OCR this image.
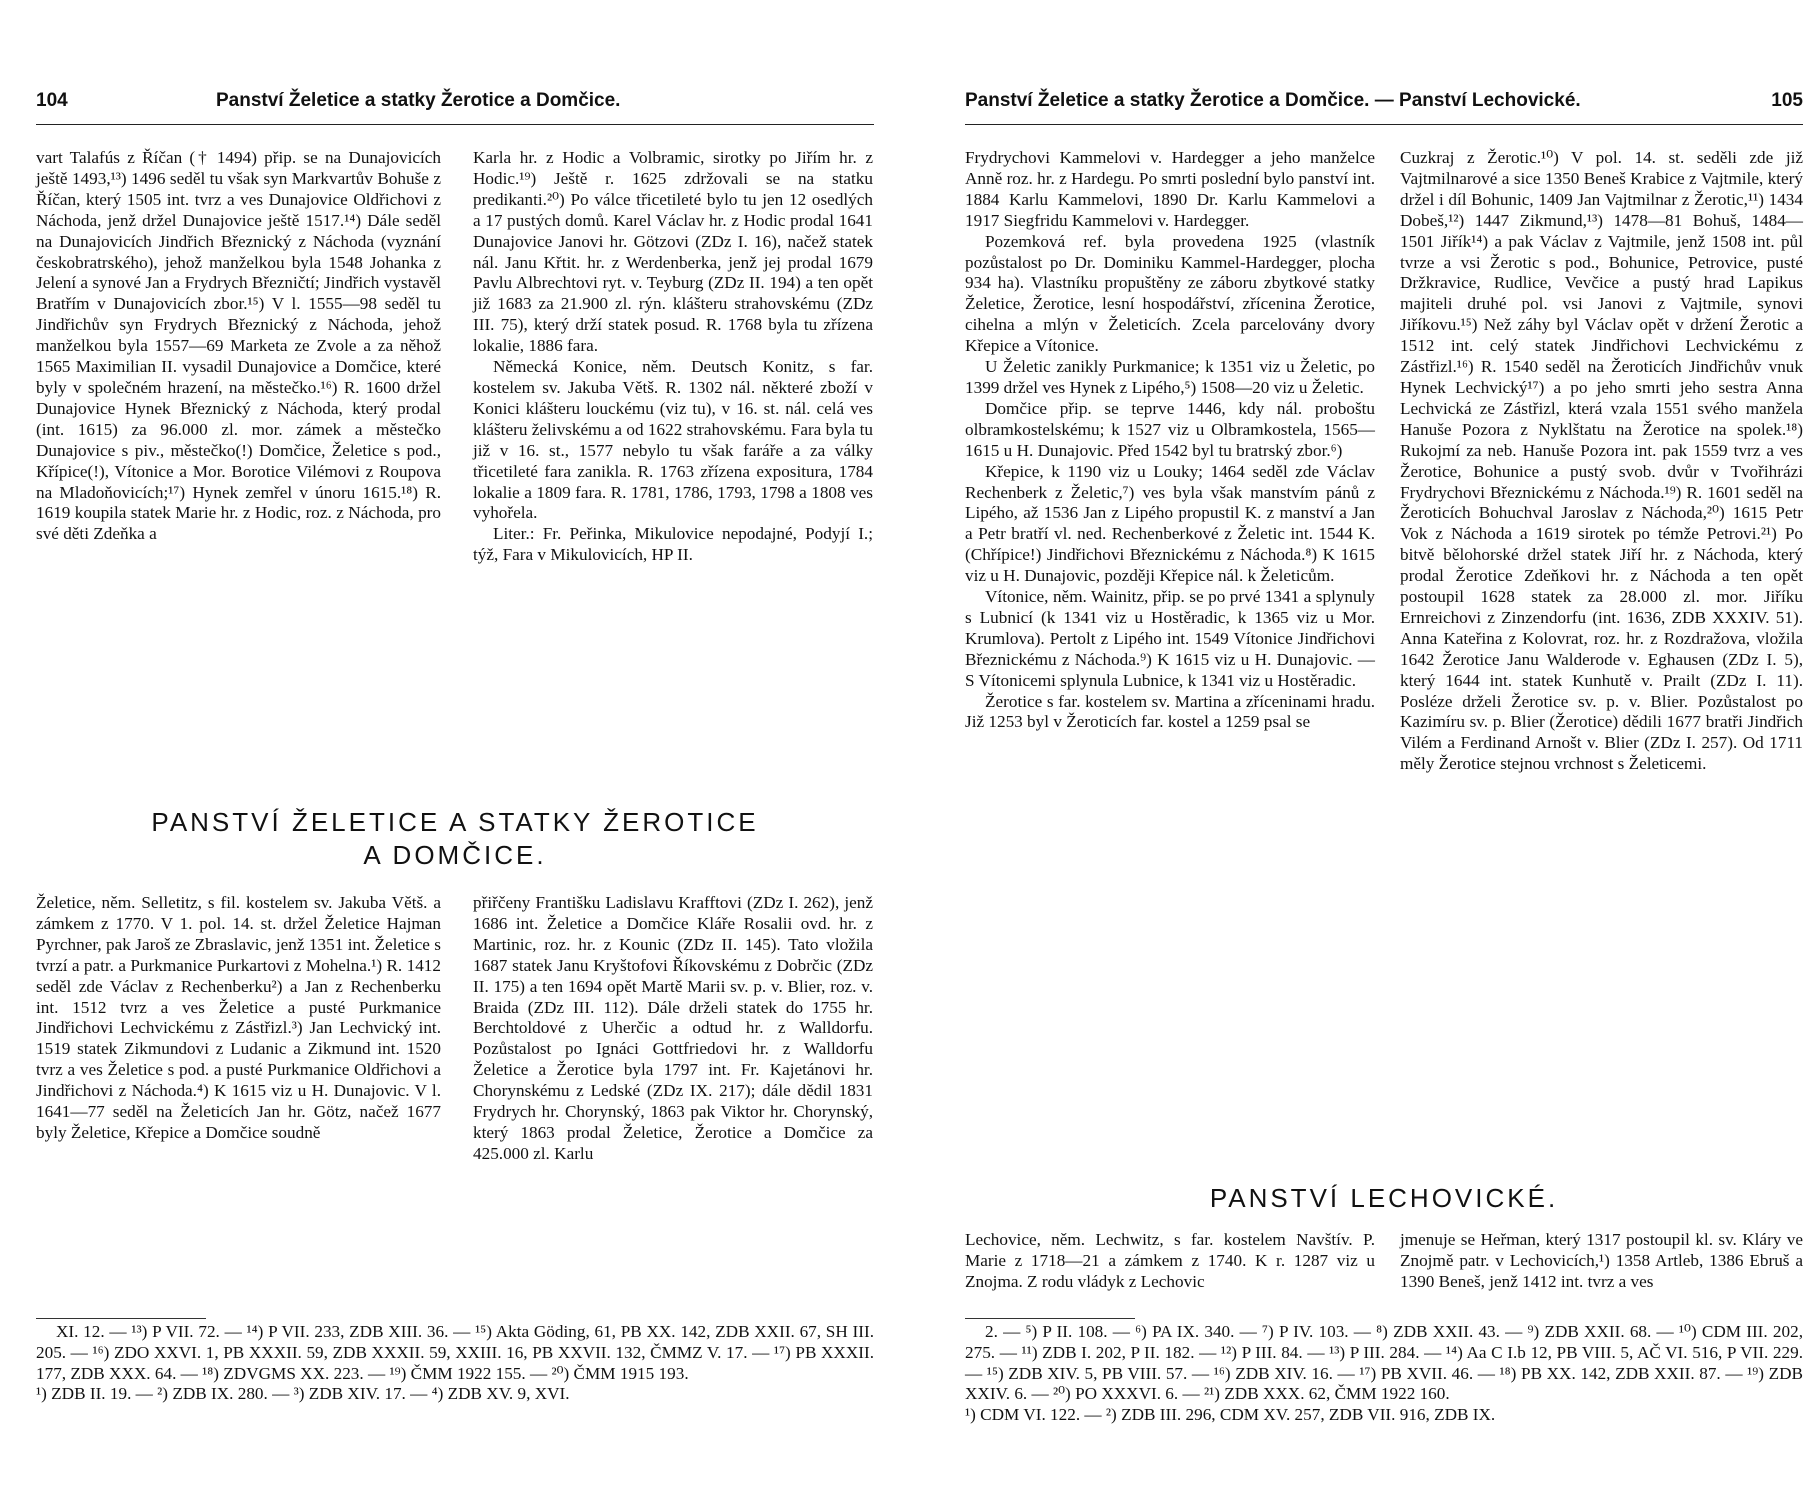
104	Panství Želetice a statky Žerotice a Domčice.

vart Talafús z Říčan († 1494) přip. se na Dunajovicích ještě 1493,¹³) 1496 seděl tu však syn Markvartův Bohuše z Říčan, který 1505 int. tvrz a ves Dunajovice Oldřichovi z Náchoda, jenž držel Dunajovice ještě 1517.¹⁴) Dále seděl na Dunajovicích Jindřich Březnický z Náchoda (vyznání českobratrského), jehož manželkou byla 1548 Johanka z Jelení a synové Jan a Frydrych Březničtí; Jindřich vystavěl Bratřím v Dunajovicích zbor.¹⁵) V l. 1555—98 seděl tu Jindřichův syn Frydrych Březnický z Náchoda, jehož manželkou byla 1557—69 Marketa ze Zvole a za něhož 1565 Maximilian II. vysadil Dunajovice a Domčice, které byly v společném hrazení, na městečko.¹⁶) R. 1600 držel Dunajovice Hynek Březnický z Náchoda, který prodal (int. 1615) za 96.000 zl. mor. zámek a městečko Dunajovice s piv., městečko(!) Domčice, Želetice s pod., Křípice(!), Vítonice a Mor. Borotice Vilémovi z Roupova na Mladoňovicích;¹⁷) Hynek zemřel v únoru 1615.¹⁸) R. 1619 koupila statek Marie hr. z Hodic, roz. z Náchoda, pro své děti Zdeňka a

Karla hr. z Hodic a Volbramic, sirotky po Jiřím hr. z Hodic.¹⁹) Ještě r. 1625 zdržovali se na statku predikanti.²⁰) Po válce třicetileté bylo tu jen 12 osedlých a 17 pustých domů. Karel Václav hr. z Hodic prodal 1641 Dunajovice Janovi hr. Götzovi (ZDz I. 16), načež statek nál. Janu Křtit. hr. z Werdenberka, jenž jej prodal 1679 Pavlu Albrechtovi ryt. v. Teyburg (ZDz II. 194) a ten opět již 1683 za 21.900 zl. rýn. klášteru strahovskému (ZDz III. 75), který drží statek posud. R. 1768 byla tu zřízena lokalie, 1886 fara.

Německá Konice, něm. Deutsch Konitz, s far. kostelem sv. Jakuba Větš. R. 1302 nál. některé zboží v Konici klášteru louckému (viz tu), v 16. st. nál. celá ves klášteru želivskému a od 1622 strahovskému. Fara byla tu již v 16. st., 1577 nebylo tu však faráře a za války třicetileté fara zanikla. R. 1763 zřízena expositura, 1784 lokalie a 1809 fara. R. 1781, 1786, 1793, 1798 a 1808 ves vyhořela.

Liter.: Fr. Peřinka, Mikulovice nepodajné, Podyjí I.; týž, Fara v Mikulovicích, HP II.

PANSTVÍ ŽELETICE A STATKY ŽEROTICE
A DOMČICE.

Želetice, něm. Selletitz, s fil. kostelem sv. Jakuba Větš. a zámkem z 1770. V 1. pol. 14. st. držel Želetice Hajman Pyrchner, pak Jaroš ze Zbraslavic, jenž 1351 int. Želetice s tvrzí a patr. a Purkmanice Purkartovi z Mohelna.¹) R. 1412 seděl zde Václav z Rechenberku²) a Jan z Rechenberku int. 1512 tvrz a ves Želetice a pusté Purkmanice Jindřichovi Lechvickému z Zástřizl.³) Jan Lechvický int. 1519 statek Zikmundovi z Ludanic a Zikmund int. 1520 tvrz a ves Želetice s pod. a pusté Purkmanice Oldřichovi a Jindřichovi z Náchoda.⁴) K 1615 viz u H. Dunajovic. V l. 1641—77 seděl na Želeticích Jan hr. Götz, načež 1677 byly Želetice, Křepice a Domčice soudně

přiřčeny Františku Ladislavu Krafftovi (ZDz I. 262), jenž 1686 int. Želetice a Domčice Kláře Rosalii ovd. hr. z Martinic, roz. hr. z Kounic (ZDz II. 145). Tato vložila 1687 statek Janu Kryštofovi Říkovskému z Dobrčic (ZDz II. 175) a ten 1694 opět Martě Marii sv. p. v. Blier, roz. v. Braida (ZDz III. 112). Dále drželi statek do 1755 hr. Berchtoldové z Uherčic a odtud hr. z Walldorfu. Pozůstalost po Ignáci Gottfriedovi hr. z Walldorfu Želetice a Žerotice byla 1797 int. Fr. Kajetánovi hr. Chorynskému z Ledské (ZDz IX. 217); dále dědil 1831 Frydrych hr. Chorynský, 1863 pak Viktor hr. Chorynský, který 1863 prodal Želetice, Žerotice a Domčice za 425.000 zl. Karlu

XI. 12. — ¹³) P VII. 72. — ¹⁴) P VII. 233, ZDB XIII. 36. — ¹⁵) Akta Göding, 61, PB XX. 142, ZDB XXII. 67, SH III. 205. — ¹⁶) ZDO XXVI. 1, PB XXXII. 59, ZDB XXXII. 59, XXIII. 16, PB XXVII. 132, ČMMZ V. 17. — ¹⁷) PB XXXII. 177, ZDB XXX. 64. — ¹⁸) ZDVGMS XX. 223. — ¹⁹) ČMM 1922 155. — ²⁰) ČMM 1915 193.

¹) ZDB II. 19. — ²) ZDB IX. 280. — ³) ZDB XIV. 17. — ⁴) ZDB XV. 9, XVI.

Panství Želetice a statky Žerotice a Domčice. — Panství Lechovické.	105

Frydrychovi Kammelovi v. Hardegger a jeho manželce Anně roz. hr. z Hardegu. Po smrti poslední bylo panství int. 1884 Karlu Kammelovi, 1890 Dr. Karlu Kammelovi a 1917 Siegfridu Kammelovi v. Hardegger.

Pozemková ref. byla provedena 1925 (vlastník pozůstalost po Dr. Dominiku Kammel-Hardegger, plocha 934 ha). Vlastníku propuštěny ze záboru zbytkové statky Želetice, Žerotice, lesní hospodářství, zřícenina Žerotice, cihelna a mlýn v Želeticích. Zcela parcelovány dvory Křepice a Vítonice.

U Želetic zanikly Purkmanice; k 1351 viz u Želetic, po 1399 držel ves Hynek z Lipého,⁵) 1508—20 viz u Želetic.

Domčice přip. se teprve 1446, kdy nál. proboštu olbramkostelskému; k 1527 viz u Olbramkostela, 1565—1615 u H. Dunajovic. Před 1542 byl tu bratrský zbor.⁶)

Křepice, k 1190 viz u Louky; 1464 seděl zde Václav Rechenberk z Želetic,⁷) ves byla však manstvím pánů z Lipého, až 1536 Jan z Lipého propustil K. z manství a Jan a Petr bratří vl. ned. Rechenberkové z Želetic int. 1544 K. (Chřípice!) Jindřichovi Březnickému z Náchoda.⁸) K 1615 viz u H. Dunajovic, později Křepice nál. k Želeticům.

Vítonice, něm. Wainitz, přip. se po prvé 1341 a splynuly s Lubnicí (k 1341 viz u Hostěradic, k 1365 viz u Mor. Krumlova). Pertolt z Lipého int. 1549 Vítonice Jindřichovi Březnickému z Náchoda.⁹) K 1615 viz u H. Dunajovic. — S Vítonicemi splynula Lubnice, k 1341 viz u Hostěradic.

Žerotice s far. kostelem sv. Martina a zříceninami hradu. Již 1253 byl v Žeroticích far. kostel a 1259 psal se

Cuzkraj z Žerotic.¹⁰) V pol. 14. st. seděli zde již Vajtmilnarové a sice 1350 Beneš Krabice z Vajtmile, který držel i díl Bohunic, 1409 Jan Vajtmilnar z Žerotic,¹¹) 1434 Dobeš,¹²) 1447 Zikmund,¹³) 1478—81 Bohuš, 1484—1501 Jiřík¹⁴) a pak Václav z Vajtmile, jenž 1508 int. půl tvrze a vsi Žerotic s pod., Bohunice, Petrovice, pusté Držkravice, Rudlice, Vevčice a pustý hrad Lapikus majiteli druhé pol. vsi Janovi z Vajtmile, synovi Jiříkovu.¹⁵) Než záhy byl Václav opět v držení Žerotic a 1512 int. celý statek Jindřichovi Lechvickému z Zástřizl.¹⁶) R. 1540 seděl na Žeroticích Jindřichův vnuk Hynek Lechvický¹⁷) a po jeho smrti jeho sestra Anna Lechvická ze Zástřizl, která vzala 1551 svého manžela Hanuše Pozora z Nyklštatu na Žerotice na spolek.¹⁸) Rukojmí za neb. Hanuše Pozora int. pak 1559 tvrz a ves Žerotice, Bohunice a pustý svob. dvůr v Tvořihrázi Frydrychovi Březnickému z Náchoda.¹⁹) R. 1601 seděl na Žeroticích Bohuchval Jaroslav z Náchoda,²⁰) 1615 Petr Vok z Náchoda a 1619 sirotek po témže Petrovi.²¹) Po bitvě bělohorské držel statek Jiří hr. z Náchoda, který prodal Žerotice Zdeňkovi hr. z Náchoda a ten opět postoupil 1628 statek za 28.000 zl. mor. Jiříku Ernreichovi z Zinzendorfu (int. 1636, ZDB XXXIV. 51). Anna Kateřina z Kolovrat, roz. hr. z Rozdražova, vložila 1642 Žerotice Janu Walderode v. Eghausen (ZDz I. 5), který 1644 int. statek Kunhutě v. Prailt (ZDz I. 11). Posléze drželi Žerotice sv. p. v. Blier. Pozůstalost po Kazimíru sv. p. Blier (Žerotice) dědili 1677 bratři Jindřich Vilém a Ferdinand Arnošt v. Blier (ZDz I. 257). Od 1711 měly Žerotice stejnou vrchnost s Želeticemi.

PANSTVÍ LECHOVICKÉ.

Lechovice, něm. Lechwitz, s far. kostelem Navštív. P. Marie z 1718—21 a zámkem z 1740. K r. 1287 viz u Znojma. Z rodu vládyk z Lechovic

jmenuje se Heřman, který 1317 postoupil kl. sv. Kláry ve Znojmě patr. v Lechovicích,¹) 1358 Artleb, 1386 Ebruš a 1390 Beneš, jenž 1412 int. tvrz a ves

2. — ⁵) P II. 108. — ⁶) PA IX. 340. — ⁷) P IV. 103. — ⁸) ZDB XXII. 43. — ⁹) ZDB XXII. 68. — ¹⁰) CDM III. 202, 275. — ¹¹) ZDB I. 202, P II. 182. — ¹²) P III. 84. — ¹³) P III. 284. — ¹⁴) Aa C I.b 12, PB VIII. 5, AČ VI. 516, P VII. 229. — ¹⁵) ZDB XIV. 5, PB VIII. 57. — ¹⁶) ZDB XIV. 16. — ¹⁷) PB XVII. 46. — ¹⁸) PB XX. 142, ZDB XXII. 87. — ¹⁹) ZDB XXIV. 6. — ²⁰) PO XXXVI. 6. — ²¹) ZDB XXX. 62, ČMM 1922 160.

¹) CDM VI. 122. — ²) ZDB III. 296, CDM XV. 257, ZDB VII. 916, ZDB IX.
